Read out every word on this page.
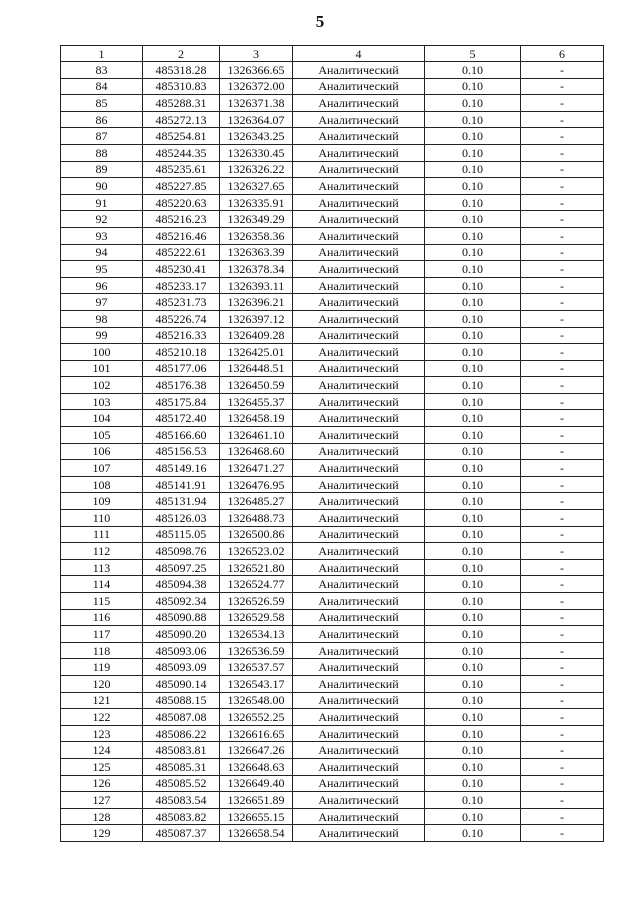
5
1	2	3	4	5	6
83	485318.28	1326366.65	Аналитический	0.10	-
84	485310.83	1326372.00	Аналитический	0.10	-
85	485288.31	1326371.38	Аналитический	0.10	-
86	485272.13	1326364.07	Аналитический	0.10	-
87	485254.81	1326343.25	Аналитический	0.10	-
88	485244.35	1326330.45	Аналитический	0.10	-
89	485235.61	1326326.22	Аналитический	0.10	-
90	485227.85	1326327.65	Аналитический	0.10	-
91	485220.63	1326335.91	Аналитический	0.10	-
92	485216.23	1326349.29	Аналитический	0.10	-
93	485216.46	1326358.36	Аналитический	0.10	-
94	485222.61	1326363.39	Аналитический	0.10	-
95	485230.41	1326378.34	Аналитический	0.10	-
96	485233.17	1326393.11	Аналитический	0.10	-
97	485231.73	1326396.21	Аналитический	0.10	-
98	485226.74	1326397.12	Аналитический	0.10	-
99	485216.33	1326409.28	Аналитический	0.10	-
100	485210.18	1326425.01	Аналитический	0.10	-
101	485177.06	1326448.51	Аналитический	0.10	-
102	485176.38	1326450.59	Аналитический	0.10	-
103	485175.84	1326455.37	Аналитический	0.10	-
104	485172.40	1326458.19	Аналитический	0.10	-
105	485166.60	1326461.10	Аналитический	0.10	-
106	485156.53	1326468.60	Аналитический	0.10	-
107	485149.16	1326471.27	Аналитический	0.10	-
108	485141.91	1326476.95	Аналитический	0.10	-
109	485131.94	1326485.27	Аналитический	0.10	-
110	485126.03	1326488.73	Аналитический	0.10	-
111	485115.05	1326500.86	Аналитический	0.10	-
112	485098.76	1326523.02	Аналитический	0.10	-
113	485097.25	1326521.80	Аналитический	0.10	-
114	485094.38	1326524.77	Аналитический	0.10	-
115	485092.34	1326526.59	Аналитический	0.10	-
116	485090.88	1326529.58	Аналитический	0.10	-
117	485090.20	1326534.13	Аналитический	0.10	-
118	485093.06	1326536.59	Аналитический	0.10	-
119	485093.09	1326537.57	Аналитический	0.10	-
120	485090.14	1326543.17	Аналитический	0.10	-
121	485088.15	1326548.00	Аналитический	0.10	-
122	485087.08	1326552.25	Аналитический	0.10	-
123	485086.22	1326616.65	Аналитический	0.10	-
124	485083.81	1326647.26	Аналитический	0.10	-
125	485085.31	1326648.63	Аналитический	0.10	-
126	485085.52	1326649.40	Аналитический	0.10	-
127	485083.54	1326651.89	Аналитический	0.10	-
128	485083.82	1326655.15	Аналитический	0.10	-
129	485087.37	1326658.54	Аналитический	0.10	-
